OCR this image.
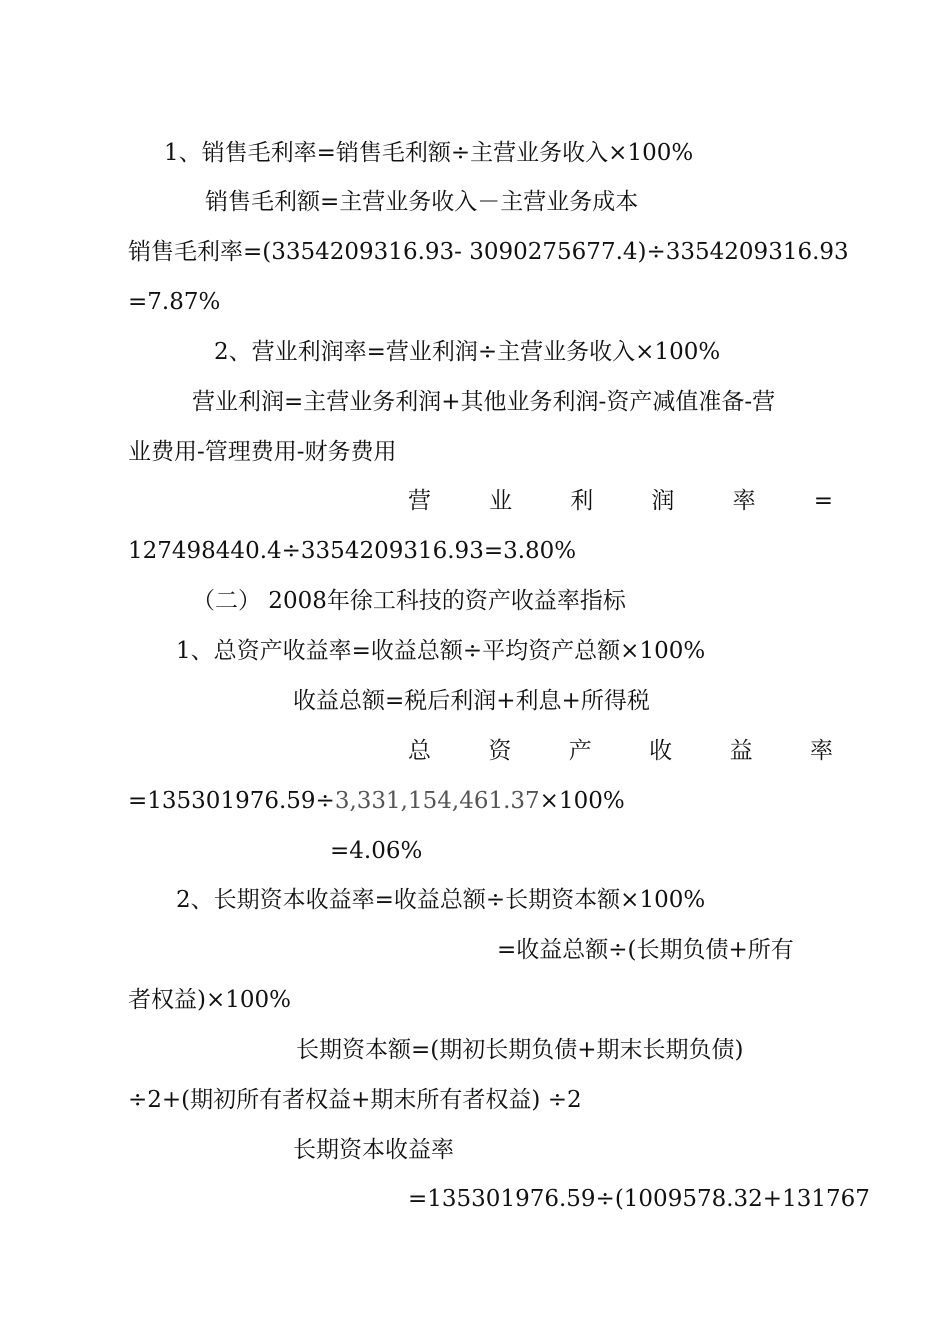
1、销售毛利率=销售毛利额÷主营业务收入×100%
销售毛利额=主营业务收入－主营业务成本
销售毛利率=(3354209316.93- 3090275677.4)÷3354209316.93
=7.87%
2、营业利润率=营业利润÷主营业务收入×100%
营业利润=主营业务利润+其他业务利润-资产减值准备-营
业费用-管理费用-财务费用
营	业	利	润	率	=
127498440.4÷3354209316.93=3.80%
（二） 2008年徐工科技的资产收益率指标
1、总资产收益率=收益总额÷平均资产总额×100%
收益总额=税后利润+利息+所得税
总 资 产 收 益 率
=135301976.59÷3,331,154,461.37×100%
=4.06%
2、长期资本收益率=收益总额÷长期资本额×100%
=收益总额÷(长期负债+所有
者权益)×100%
长期资本额=(期初长期负债+期末长期负债)
÷2+(期初所有者权益+期末所有者权益) ÷2
长期资本收益率
=135301976.59÷(1009578.32+131767
